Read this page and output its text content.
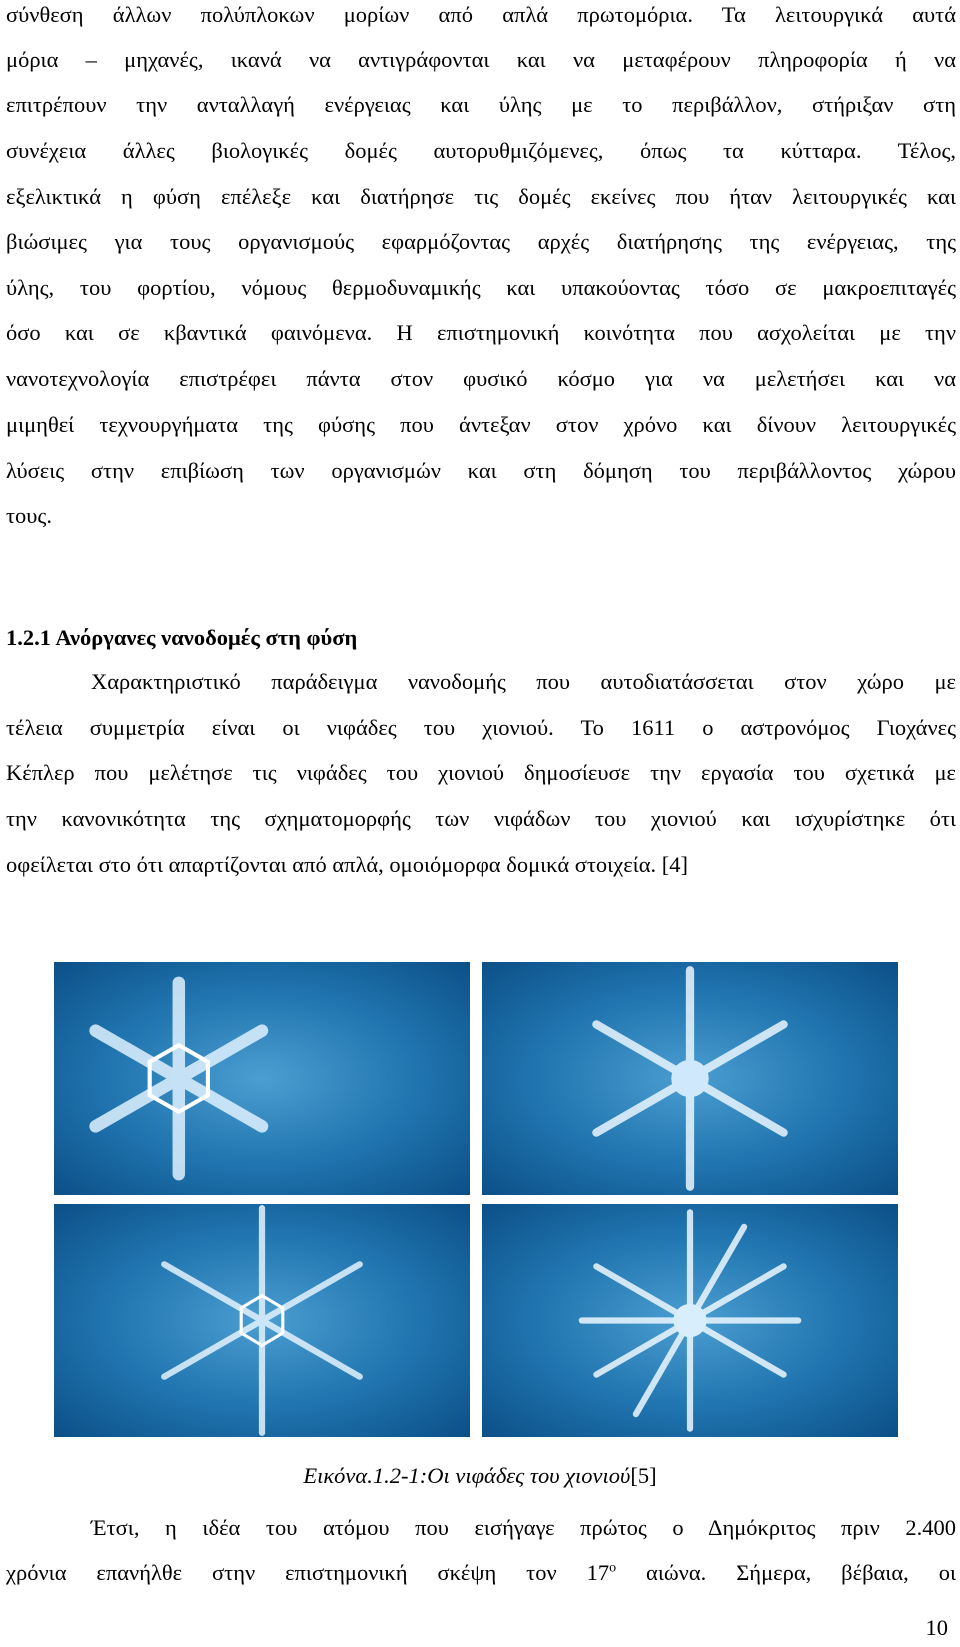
σύνθεση άλλων πολύπλοκων μορίων από απλά πρωτομόρια. Τα λειτουργικά αυτά
μόρια – μηχανές, ικανά να αντιγράφονται και να μεταφέρουν πληροφορία ή να
επιτρέπουν την ανταλλαγή ενέργειας και ύλης με το περιβάλλον, στήριξαν στη
συνέχεια άλλες βιολογικές δομές αυτορυθμιζόμενες, όπως τα κύτταρα. Τέλος,
εξελικτικά η φύση επέλεξε και διατήρησε τις δομές εκείνες που ήταν λειτουργικές και
βιώσιμες για τους οργανισμούς εφαρμόζοντας αρχές διατήρησης της ενέργειας, της
ύλης, του φορτίου, νόμους θερμοδυναμικής και υπακούοντας τόσο σε μακροεπιταγές
όσο και σε κβαντικά φαινόμενα. Η επιστημονική κοινότητα που ασχολείται με την
νανοτεχνολογία επιστρέφει πάντα στον φυσικό κόσμο για να μελετήσει και να
μιμηθεί τεχνουργήματα της φύσης που άντεξαν στον χρόνο και δίνουν λειτουργικές
λύσεις στην επιβίωση των οργανισμών και στη δόμηση του περιβάλλοντος χώρου
τους.
1.2.1 Ανόργανες νανοδομές στη φύση
Χαρακτηριστικό παράδειγμα νανοδομής που αυτοδιατάσσεται στον χώρο με
τέλεια συμμετρία είναι οι νιφάδες του χιονιού. Το 1611 ο αστρονόμος Γιοχάνες
Κέπλερ που μελέτησε τις νιφάδες του χιονιού δημοσίευσε την εργασία του σχετικά με
την κανονικότητα της σχηματομορφής των νιφάδων του χιονιού και ισχυρίστηκε ότι
οφείλεται στο ότι απαρτίζονται από απλά, ομοιόμορφα δομικά στοιχεία. [4]
Εικόνα.1.2-1:Οι νιφάδες του χιονιού[5]
Έτσι, η ιδέα του ατόμου που εισήγαγε πρώτος ο Δημόκριτος πριν 2.400
χρόνια επανήλθε στην επιστημονική σκέψη τον $17^o$ αιώνα. Σήμερα, βέβαια, οι
10
